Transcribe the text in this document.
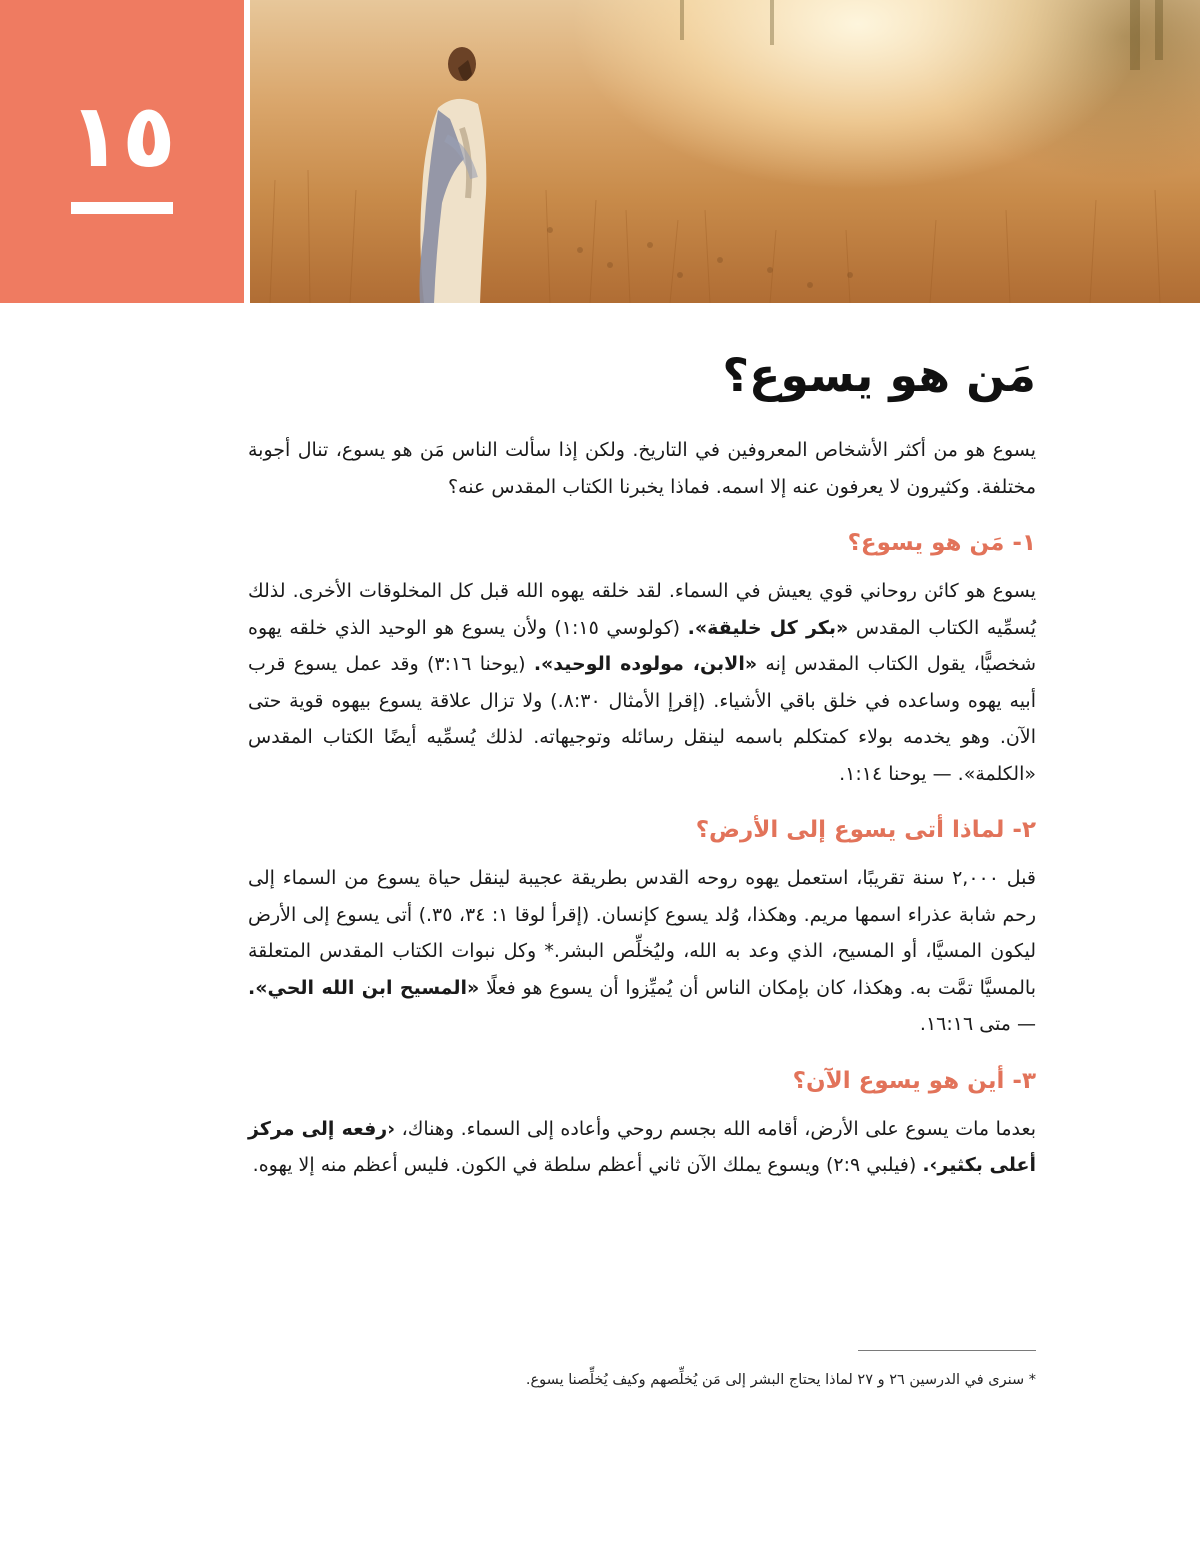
١٥
مَن هو يسوع؟

يسوع هو من أكثر الأشخاص المعروفين في التاريخ. ولكن إذا سألت الناس مَن هو يسوع، تنال أجوبة مختلفة. وكثيرون لا يعرفون عنه إلا اسمه. فماذا يخبرنا الكتاب المقدس عنه؟

١- مَن هو يسوع؟

يسوع هو كائن روحاني قوي يعيش في السماء. لقد خلقه يهوه الله قبل كل المخلوقات الأخرى. لذلك يُسمِّيه الكتاب المقدس «بكر كل خليقة». (كولوسي ١:١٥) ولأن يسوع هو الوحيد الذي خلقه يهوه شخصيًّا، يقول الكتاب المقدس إنه «الابن، مولوده الوحيد». (يوحنا ٣:١٦) وقد عمل يسوع قرب أبيه يهوه وساعده في خلق باقي الأشياء. (إقرإ الأمثال ٨:٣٠.) ولا تزال علاقة يسوع بيهوه قوية حتى الآن. وهو يخدمه بولاء كمتكلم باسمه لينقل رسائله وتوجيهاته. لذلك يُسمِّيه أيضًا الكتاب المقدس «الكلمة». — يوحنا ١:١٤.

٢- لماذا أتى يسوع إلى الأرض؟

قبل ٢,٠٠٠ سنة تقريبًا، استعمل يهوه روحه القدس بطريقة عجيبة لينقل حياة يسوع من السماء إلى رحم شابة عذراء اسمها مريم. وهكذا، وُلد يسوع كإنسان. (إقرأ لوقا ١: ٣٤، ٣٥.) أتى يسوع إلى الأرض ليكون المسيَّا، أو المسيح، الذي وعد به الله، وليُخلِّص البشر.* وكل نبوات الكتاب المقدس المتعلقة بالمسيَّا تمَّت به. وهكذا، كان بإمكان الناس أن يُميِّزوا أن يسوع هو فعلًا «المسيح ابن الله الحي». — متى ١٦:١٦.

٣- أين هو يسوع الآن؟

بعدما مات يسوع على الأرض، أقامه الله بجسم روحي وأعاده إلى السماء. وهناك، ‹رفعه إلى مركز أعلى بكثير›. (فيلبي ٢:٩) ويسوع يملك الآن ثاني أعظم سلطة في الكون. فليس أعظم منه إلا يهوه.

* سنرى في الدرسين ٢٦ و ٢٧ لماذا يحتاج البشر إلى مَن يُخلِّصهم وكيف يُخلِّصنا يسوع.
